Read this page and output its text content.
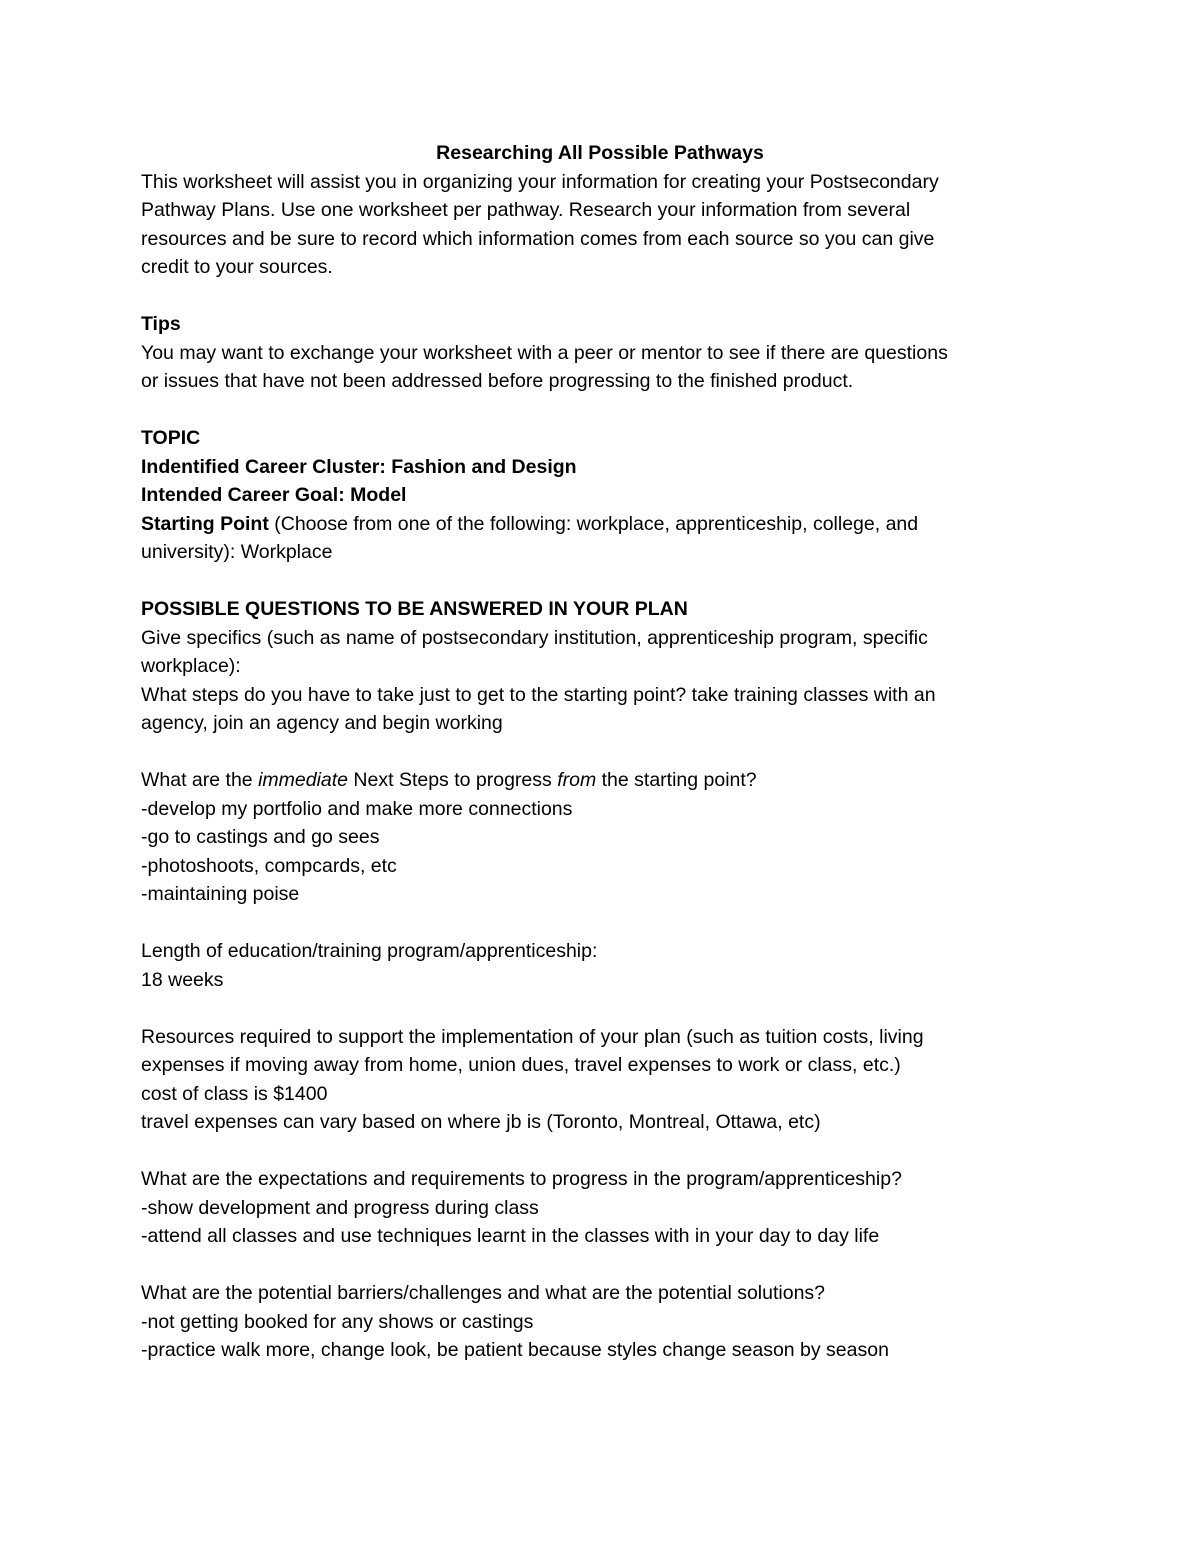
Researching All Possible Pathways

This worksheet will assist you in organizing your information for creating your Postsecondary
Pathway Plans. Use one worksheet per pathway. Research your information from several
resources and be sure to record which information comes from each source so you can give
credit to your sources.

Tips

You may want to exchange your worksheet with a peer or mentor to see if there are questions
or issues that have not been addressed before progressing to the finished product.

TOPIC

Indentified Career Cluster: Fashion and Design

Intended Career Goal: Model

Starting Point (Choose from one of the following: workplace, apprenticeship, college, and
university): Workplace

POSSIBLE QUESTIONS TO BE ANSWERED IN YOUR PLAN

Give specifics (such as name of postsecondary institution, apprenticeship program, specific
workplace):

What steps do you have to take just to get to the starting point? take training classes with an
agency, join an agency and begin working

What are the immediate Next Steps to progress from the starting point?

-develop my portfolio and make more connections
-go to castings and go sees
-photoshoots, compcards, etc
-maintaining poise

Length of education/training program/apprenticeship:

18 weeks

Resources required to support the implementation of your plan (such as tuition costs, living
expenses if moving away from home, union dues, travel expenses to work or class, etc.)

cost of class is $1400
travel expenses can vary based on where jb is (Toronto, Montreal, Ottawa, etc)

What are the expectations and requirements to progress in the program/apprenticeship?

-show development and progress during class
-attend all classes and use techniques learnt in the classes with in your day to day life

What are the potential barriers/challenges and what are the potential solutions?

-not getting booked for any shows or castings
-practice walk more, change look, be patient because styles change season by season
